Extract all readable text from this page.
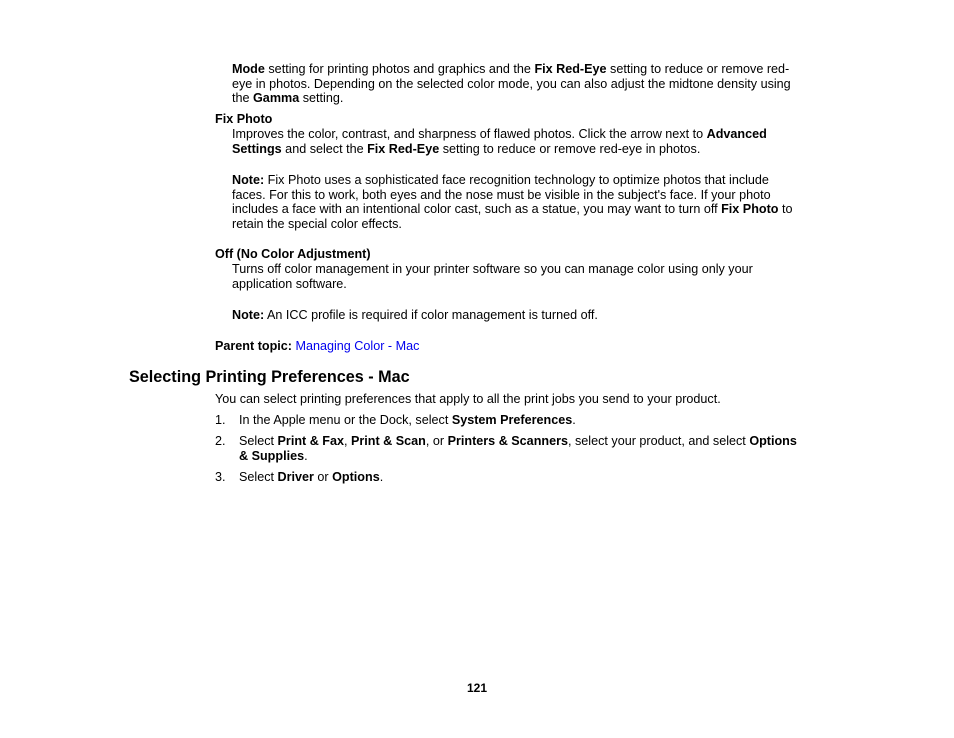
Mode setting for printing photos and graphics and the Fix Red-Eye setting to reduce or remove red-
eye in photos. Depending on the selected color mode, you can also adjust the midtone density using
the Gamma setting.
Fix Photo
Improves the color, contrast, and sharpness of flawed photos. Click the arrow next to Advanced
Settings and select the Fix Red-Eye setting to reduce or remove red-eye in photos.
Note: Fix Photo uses a sophisticated face recognition technology to optimize photos that include
faces. For this to work, both eyes and the nose must be visible in the subject's face. If your photo
includes a face with an intentional color cast, such as a statue, you may want to turn off Fix Photo to
retain the special color effects.
Off (No Color Adjustment)
Turns off color management in your printer software so you can manage color using only your
application software.
Note: An ICC profile is required if color management is turned off.
Parent topic: Managing Color - Mac
Selecting Printing Preferences - Mac
You can select printing preferences that apply to all the print jobs you send to your product.
1. In the Apple menu or the Dock, select System Preferences.
2. Select Print & Fax, Print & Scan, or Printers & Scanners, select your product, and select Options
& Supplies.
3. Select Driver or Options.
121
